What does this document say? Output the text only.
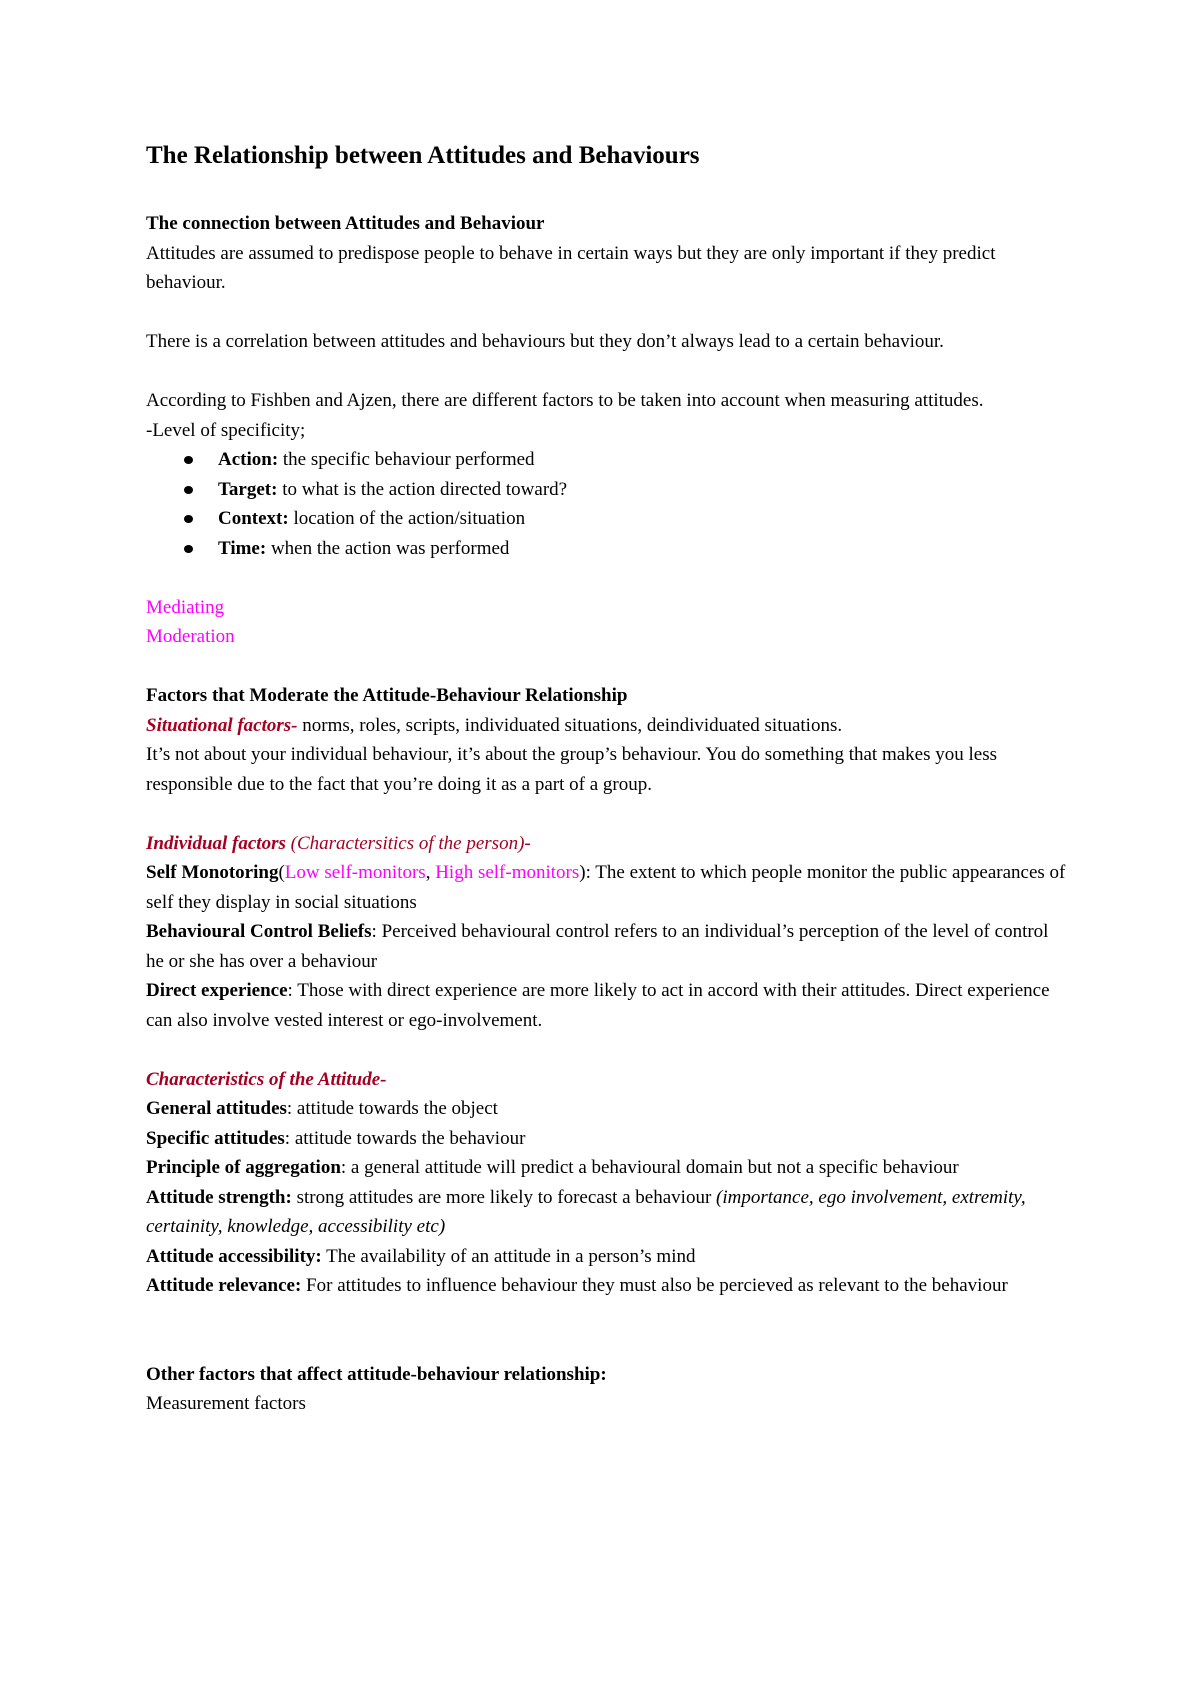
The Relationship between Attitudes and Behaviours

The connection between Attitudes and Behaviour

Attitudes are assumed to predispose people to behave in certain ways but they are only important if they predict behaviour.

There is a correlation between attitudes and behaviours but they don’t always lead to a certain behaviour.

According to Fishben and Ajzen, there are different factors to be taken into account when measuring attitudes.

-Level of specificity;

Action: the specific behaviour performed
Target: to what is the action directed toward?
Context: location of the action/situation
Time: when the action was performed

Mediating

Moderation

Factors that Moderate the Attitude-Behaviour Relationship

Situational factors- norms, roles, scripts, individuated situations, deindividuated situations.

It’s not about your individual behaviour, it’s about the group’s behaviour. You do something that makes you less responsible due to the fact that you’re doing it as a part of a group.

Individual factors (Charactersitics of the person)-

Self Monotoring(Low self-monitors, High self-monitors): The extent to which people monitor the public appearances of self they display in social situations

Behavioural Control Beliefs: Perceived behavioural control refers to an individual’s perception of the level of control he or she has over a behaviour

Direct experience: Those with direct experience are more likely to act in accord with their attitudes. Direct experience can also involve vested interest or ego-involvement.

Characteristics of the Attitude-

General attitudes: attitude towards the object

Specific attitudes: attitude towards the behaviour

Principle of aggregation: a general attitude will predict a behavioural domain but not a specific behaviour

Attitude strength: strong attitudes are more likely to forecast a behaviour (importance, ego involvement, extremity, certainity, knowledge, accessibility etc)

Attitude accessibility: The availability of an attitude in a person’s mind

Attitude relevance: For attitudes to influence behaviour they must also be percieved as relevant to the behaviour

Other factors that affect attitude-behaviour relationship:

Measurement factors
